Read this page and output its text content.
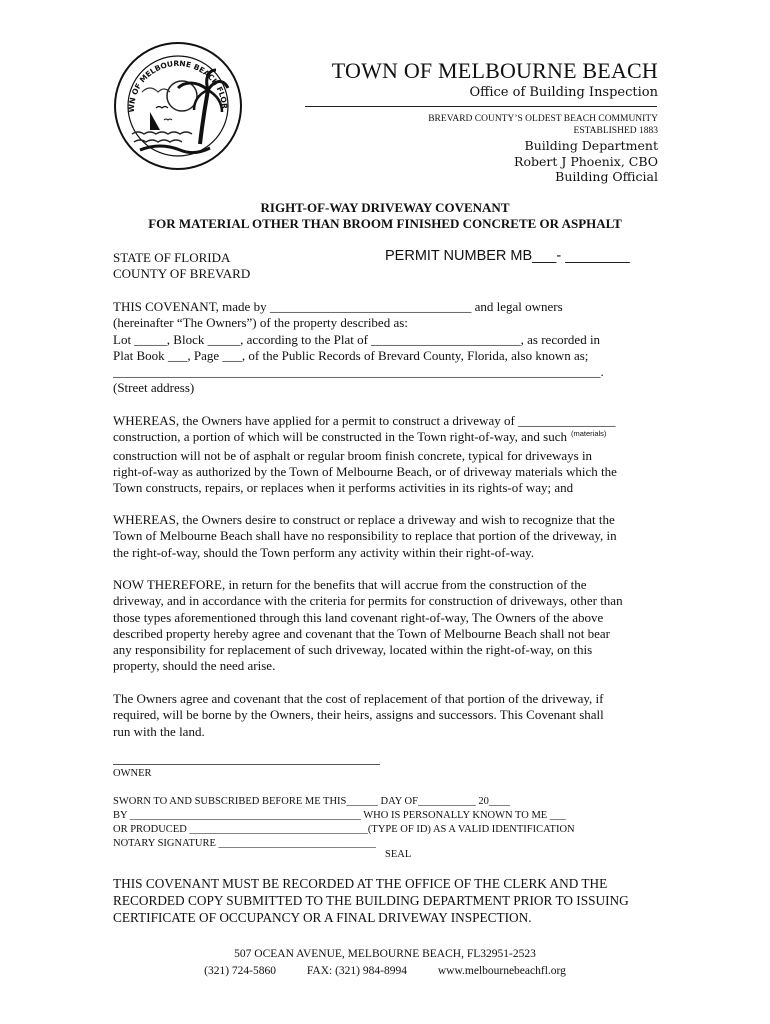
WN OF MELBOURNE BEACH FLOR
TOWN OF MELBOURNE BEACH
Office of Building Inspection
BREVARD COUNTY’S OLDEST BEACH COMMUNITY
ESTABLISHED 1883
Building Department
Robert J Phoenix, CBO
Building Official
RIGHT-OF-WAY DRIVEWAY COVENANT
FOR MATERIAL OTHER THAN BROOM FINISHED CONCRETE OR ASPHALT
STATE OF FLORIDA
COUNTY OF BREVARD
PERMIT NUMBER MB___- ________
THIS COVENANT, made by _______________________________ and legal owners
(hereinafter “The Owners”) of the property described as:
Lot _____, Block _____, according to the Plat of _______________________, as recorded in
Plat Book ___, Page ___, of the Public Records of Brevard County, Florida, also known as;
___________________________________________________________________________.
(Street address)
WHEREAS, the Owners have applied for a permit to construct a driveway of _______________
construction, a portion of which will be constructed in the Town right-of-way, and such $^{(materials)}$
construction will not be of asphalt or regular broom finish concrete, typical for driveways in
right-of-way as authorized by the Town of Melbourne Beach, or of driveway materials which the
Town constructs, repairs, or replaces when it performs activities in its rights-of way; and
WHEREAS, the Owners desire to construct or replace a driveway and wish to recognize that the
Town of Melbourne Beach shall have no responsibility to replace that portion of the driveway, in
the right-of-way, should the Town perform any activity within their right-of-way.
NOW THEREFORE, in return for the benefits that will accrue from the construction of the
driveway, and in accordance with the criteria for permits for construction of driveways, other than
those types aforementioned through this land covenant right-of-way, The Owners of the above
described property hereby agree and covenant that the Town of Melbourne Beach shall not bear
any responsibility for replacement of such driveway, located within the right-of-way, on this
property, should the need arise.
The Owners agree and covenant that the cost of replacement of that portion of the driveway, if
required, will be borne by the Owners, their heirs, assigns and successors. This Covenant shall
run with the land.
OWNER
SWORN TO AND SUBSCRIBED BEFORE ME THIS______ DAY OF___________ 20____
BY ____________________________________________ WHO IS PERSONALLY KNOWN TO ME ___
OR PRODUCED __________________________________(TYPE OF ID) AS A VALID IDENTIFICATION
NOTARY SIGNATURE ______________________________
SEAL
THIS COVENANT MUST BE RECORDED AT THE OFFICE OF THE CLERK AND THE
RECORDED COPY SUBMITTED TO THE BUILDING DEPARTMENT PRIOR TO ISSUING
CERTIFICATE OF OCCUPANCY OR A FINAL DRIVEWAY INSPECTION.
507 OCEAN AVENUE, MELBOURNE BEACH, FL32951-2523
(321) 724-5860	FAX: (321) 984-8994	www.melbournebeachfl.org
